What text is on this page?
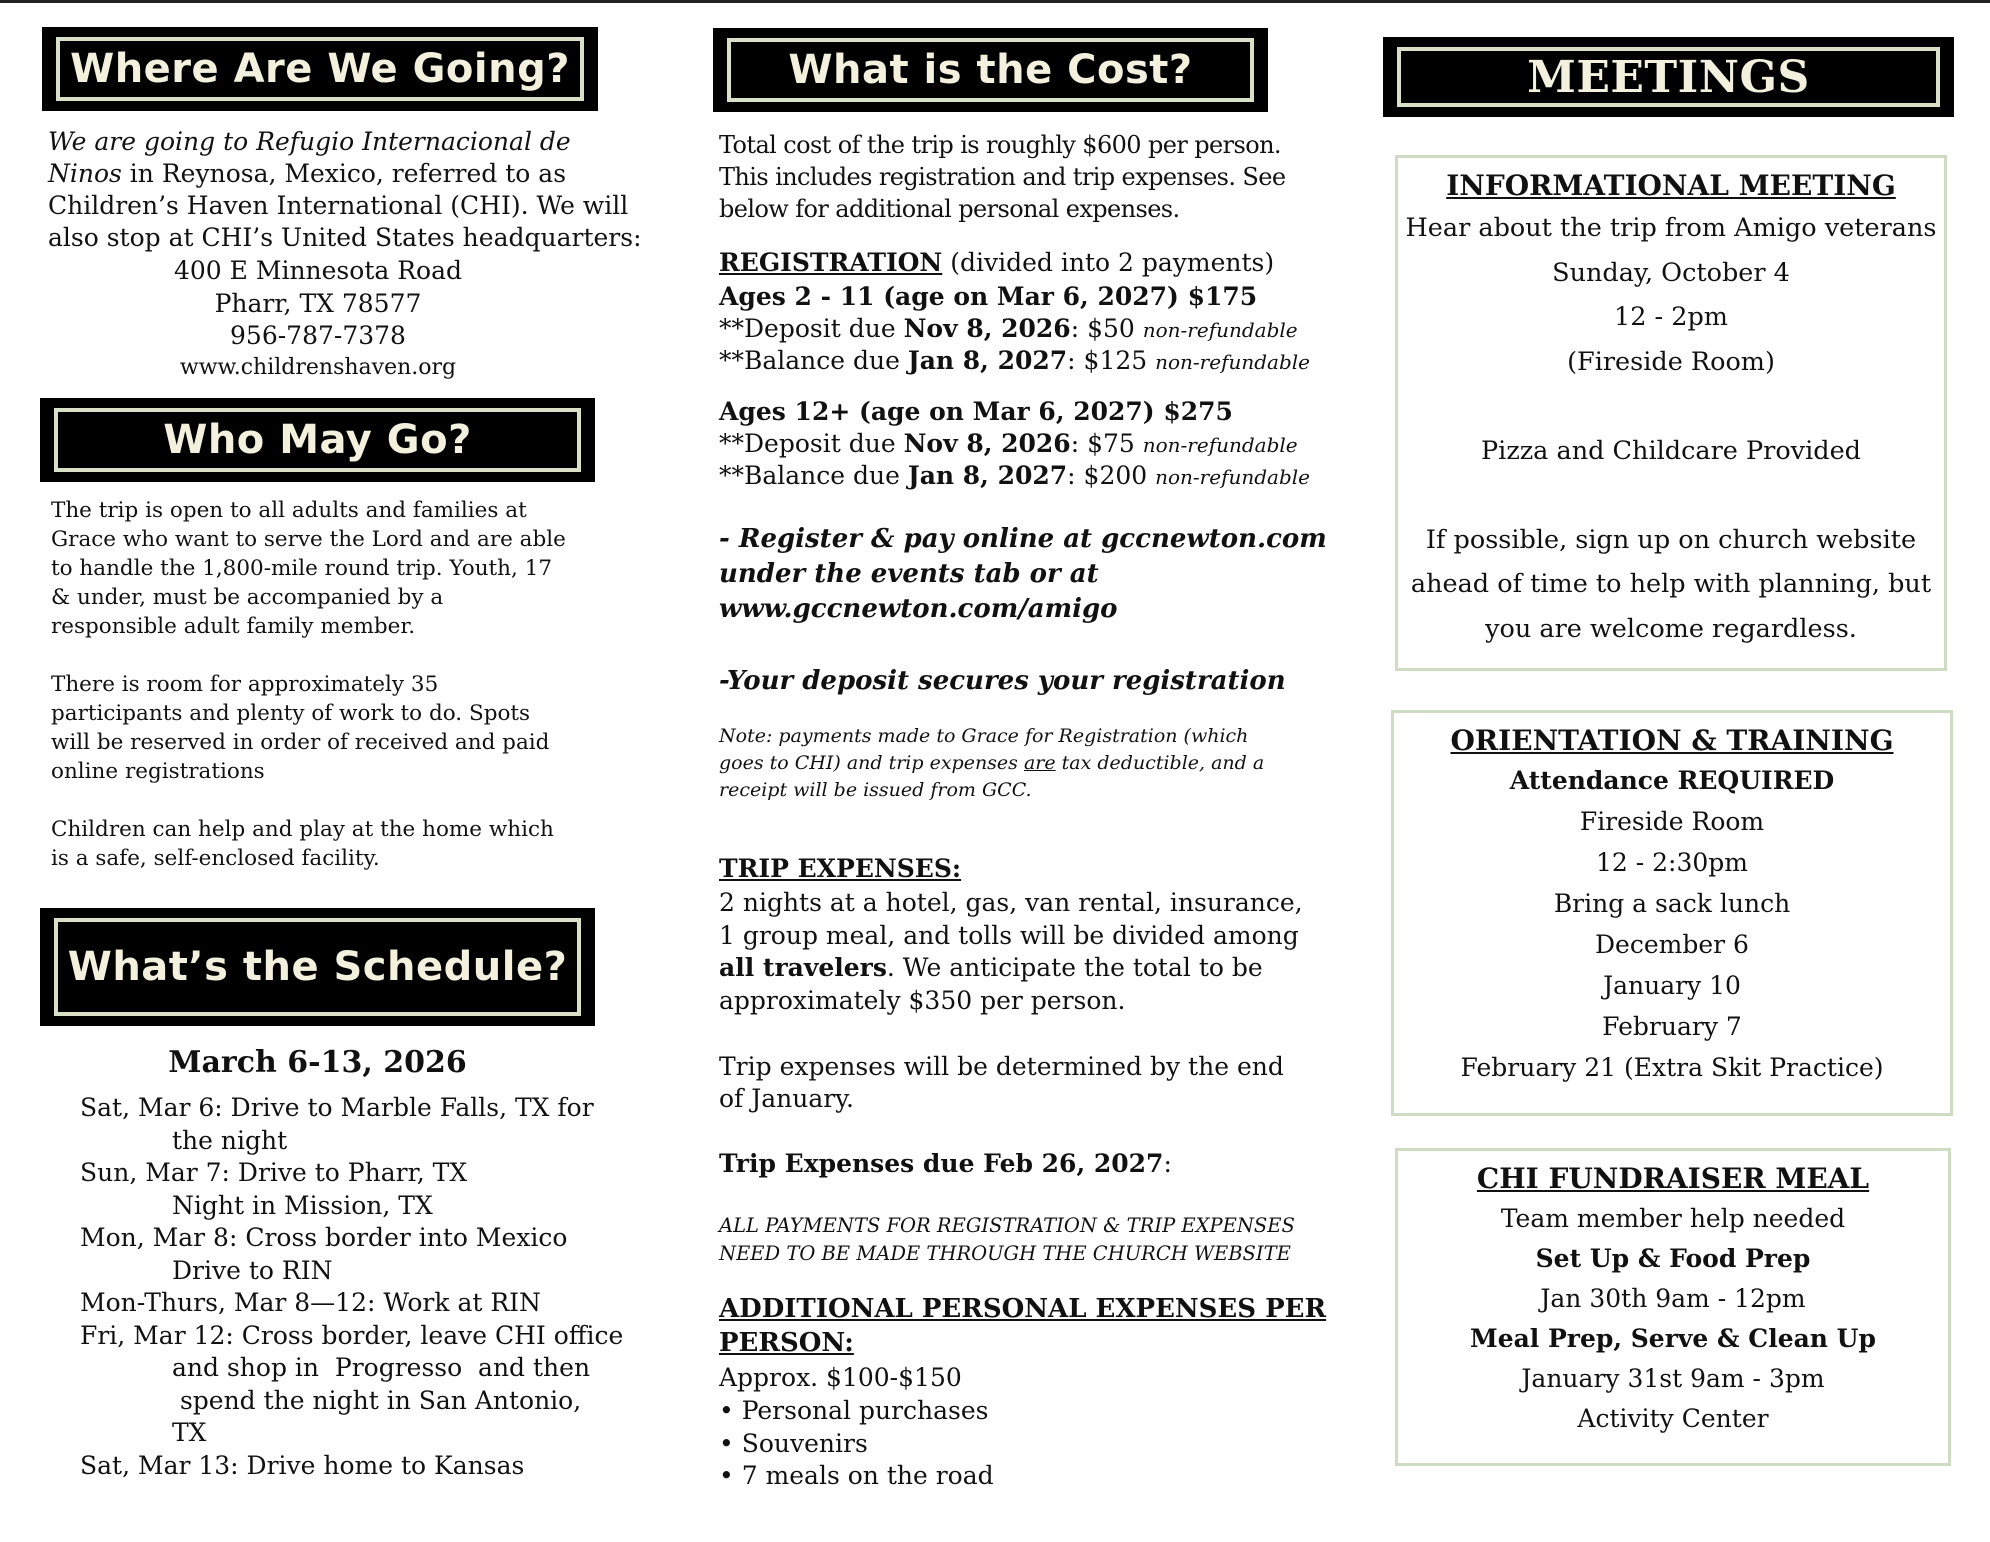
Where Are We Going?
We are going to Refugio Internacional de
Ninos in Reynosa, Mexico, referred to as
Children’s Haven International (CHI). We will
also stop at CHI’s United States headquarters:
400 E Minnesota Road
Pharr, TX 78577
956-787-7378
www.childrenshaven.org
Who May Go?
The trip is open to all adults and families at
Grace who want to serve the Lord and are able
to handle the 1,800-mile round trip. Youth, 17
& under, must be accompanied by a
responsible adult family member.
There is room for approximately 35
participants and plenty of work to do. Spots
will be reserved in order of received and paid
online registrations
Children can help and play at the home which
is a safe, self-enclosed facility.
What’s the Schedule?
March 6-13, 2026
Sat, Mar 6: Drive to Marble Falls, TX for
the night
Sun, Mar 7: Drive to Pharr, TX
Night in Mission, TX
Mon, Mar 8: Cross border into Mexico
Drive to RIN
Mon-Thurs, Mar 8—12: Work at RIN
Fri, Mar 12: Cross border, leave CHI office
and shop in  Progresso  and then
spend the night in San Antonio,
TX
Sat, Mar 13: Drive home to Kansas
What is the Cost?
Total cost of the trip is roughly $600 per person.
This includes registration and trip expenses. See
below for additional personal expenses.
REGISTRATION (divided into 2 payments)
Ages 2 - 11 (age on Mar 6, 2027) $175
**Deposit due Nov 8, 2026: $50 non-refundable
**Balance due Jan 8, 2027: $125 non-refundable
Ages 12+ (age on Mar 6, 2027) $275
**Deposit due Nov 8, 2026: $75 non-refundable
**Balance due Jan 8, 2027: $200 non-refundable
- Register & pay online at gccnewton.com
under the events tab or at
www.gccnewton.com/amigo
-Your deposit secures your registration
Note: payments made to Grace for Registration (which
goes to CHI) and trip expenses are tax deductible, and a
receipt will be issued from GCC.
TRIP EXPENSES:
2 nights at a hotel, gas, van rental, insurance,
1 group meal, and tolls will be divided among
all travelers. We anticipate the total to be
approximately $350 per person.
Trip expenses will be determined by the end
of January.
Trip Expenses due Feb 26, 2027:
ALL PAYMENTS FOR REGISTRATION & TRIP EXPENSES
NEED TO BE MADE THROUGH THE CHURCH WEBSITE
ADDITIONAL PERSONAL EXPENSES PER
PERSON:
Approx. $100-$150
• Personal purchases
• Souvenirs
• 7 meals on the road
MEETINGS
INFORMATIONAL MEETING
Hear about the trip from Amigo veterans
Sunday, October 4
12 - 2pm
(Fireside Room)
Pizza and Childcare Provided
If possible, sign up on church website
ahead of time to help with planning, but
you are welcome regardless.
ORIENTATION & TRAINING
Attendance REQUIRED
Fireside Room
12 - 2:30pm
Bring a sack lunch
December 6
January 10
February 7
February 21 (Extra Skit Practice)
CHI FUNDRAISER MEAL
Team member help needed
Set Up & Food Prep
Jan 30th 9am - 12pm
Meal Prep, Serve & Clean Up
January 31st 9am - 3pm
Activity Center
